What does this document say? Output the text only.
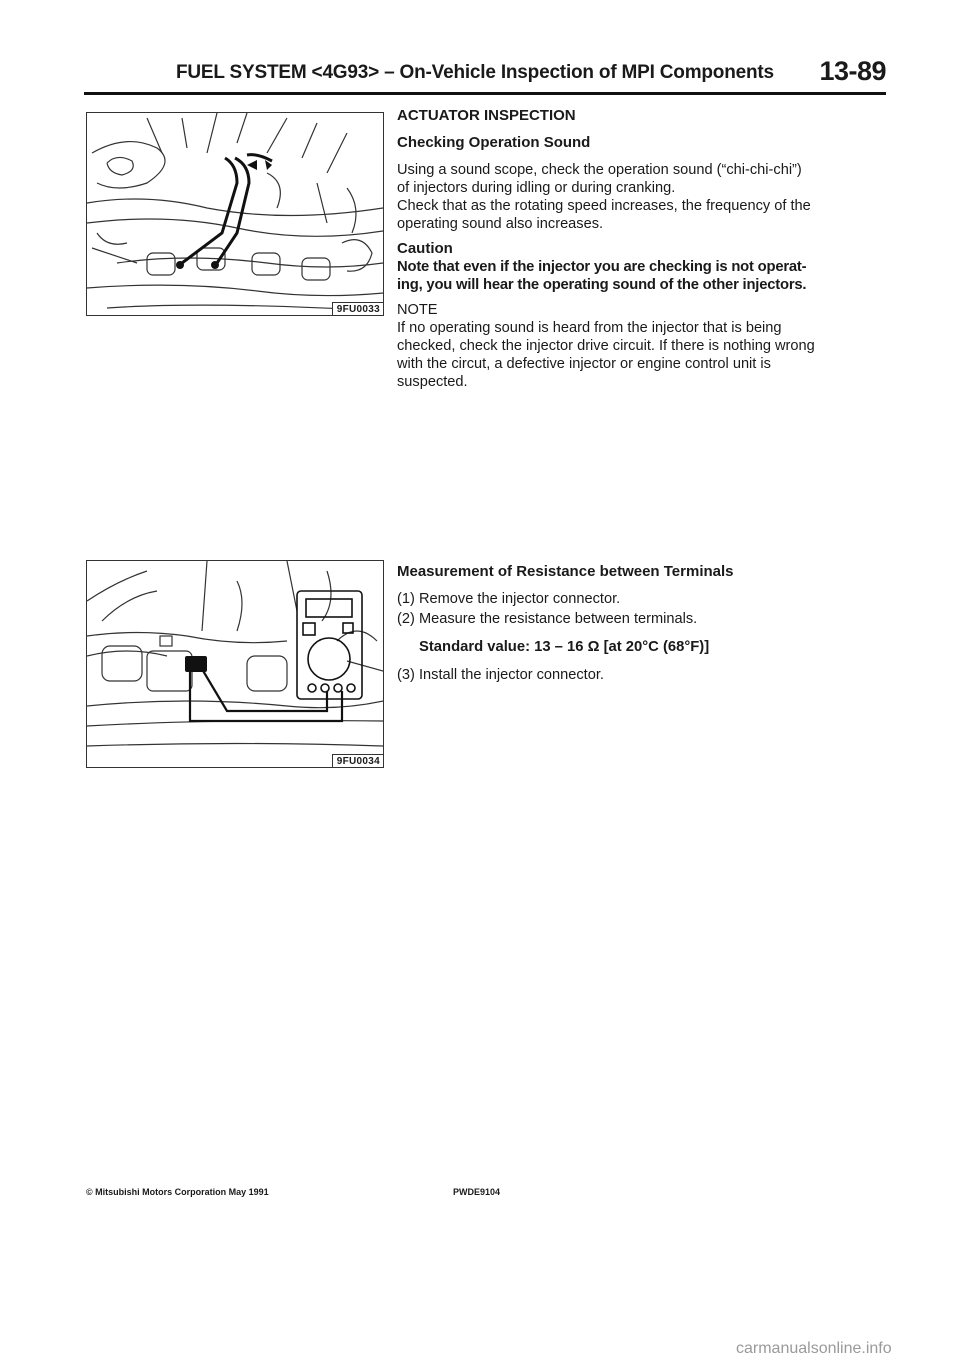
FUEL SYSTEM <4G93> – On-Vehicle Inspection of MPI Components 13-89
9FU0033
9FU0034
ACTUATOR INSPECTION
Checking Operation Sound
Using a sound scope, check the operation sound (“chi-chi-chi”)
of injectors during idling or during cranking.
Check that as the rotating speed increases, the frequency of the
operating sound also increases.
Caution
Note that even if the injector you are checking is not operat-
ing, you will hear the operating sound of the other injectors.
NOTE
If no operating sound is heard from the injector that is being
checked, check the injector drive circuit. If there is nothing wrong
with the circut, a defective injector or engine control unit is
suspected.
Measurement of Resistance between Terminals
(1) Remove the injector connector.
(2) Measure the resistance between terminals.
Standard value: 13 – 16 Ω [at 20°C (68°F)]
(3) Install the injector connector.
© Mitsubishi Motors Corporation May 1991	PWDE9104
carmanualsonline.info
